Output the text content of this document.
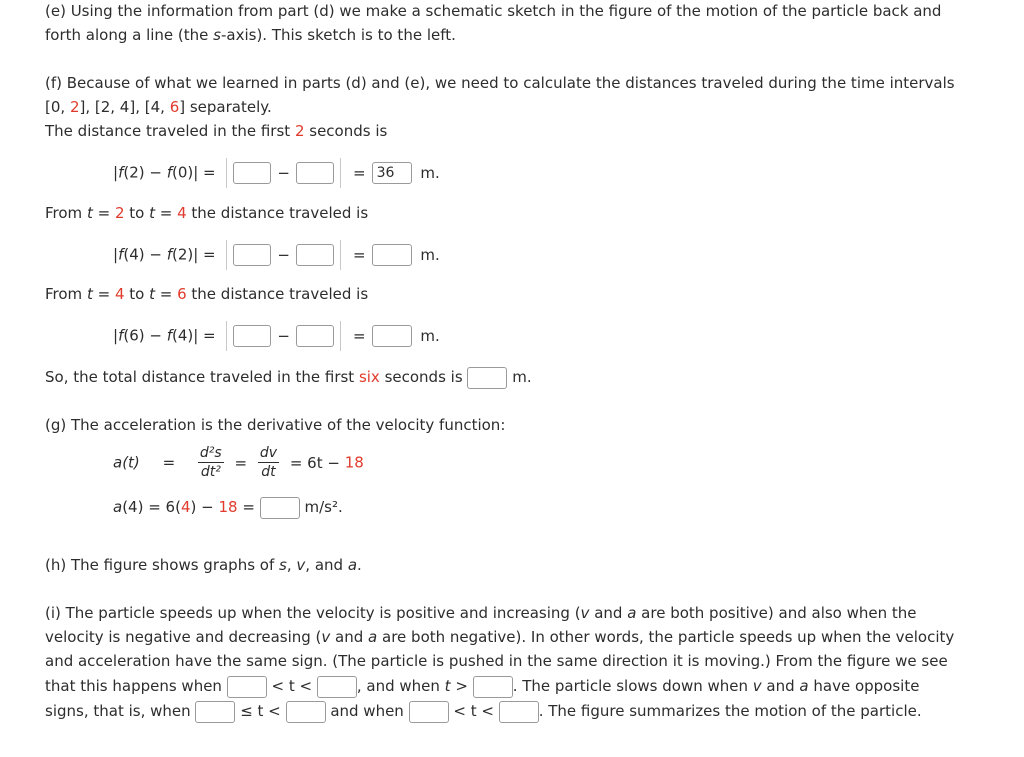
(e) Using the information from part (d) we make a schematic sketch in the figure of the motion of the particle back and
forth along a line (the s-axis). This sketch is to the left.
(f) Because of what we learned in parts (d) and (e), we need to calculate the distances traveled during the time intervals
[0, 2], [2, 4], [4, 6] separately.
The distance traveled in the first 2 seconds is
|f(2) − f(0)| =	−	= 36 m.
From t = 2 to t = 4 the distance traveled is
|f(4) − f(2)| =	−	=	m.
From t = 4 to t = 6 the distance traveled is
|f(6) − f(4)| =	−	=	m.
So, the total distance traveled in the first six seconds is	m.
(g) The acceleration is the derivative of the velocity function:
$a(t) = \frac{\text{d²s}}{\text{dt²}} = \frac{dv}{dt} = 6t - 18$
a(4) = 6(4) − 18 =	m/s².
(h) The figure shows graphs of s, v, and a.
(i) The particle speeds up when the velocity is positive and increasing (v and a are both positive) and also when the
velocity is negative and decreasing (v and a are both negative). In other words, the particle speeds up when the velocity
and acceleration have the same sign. (The particle is pushed in the same direction it is moving.) From the figure we see
that this happens when	< t <	, and when t >	. The particle slows down when v and a have opposite
signs, that is, when	≤ t <	and when	< t <	. The figure summarizes the motion of the particle.
